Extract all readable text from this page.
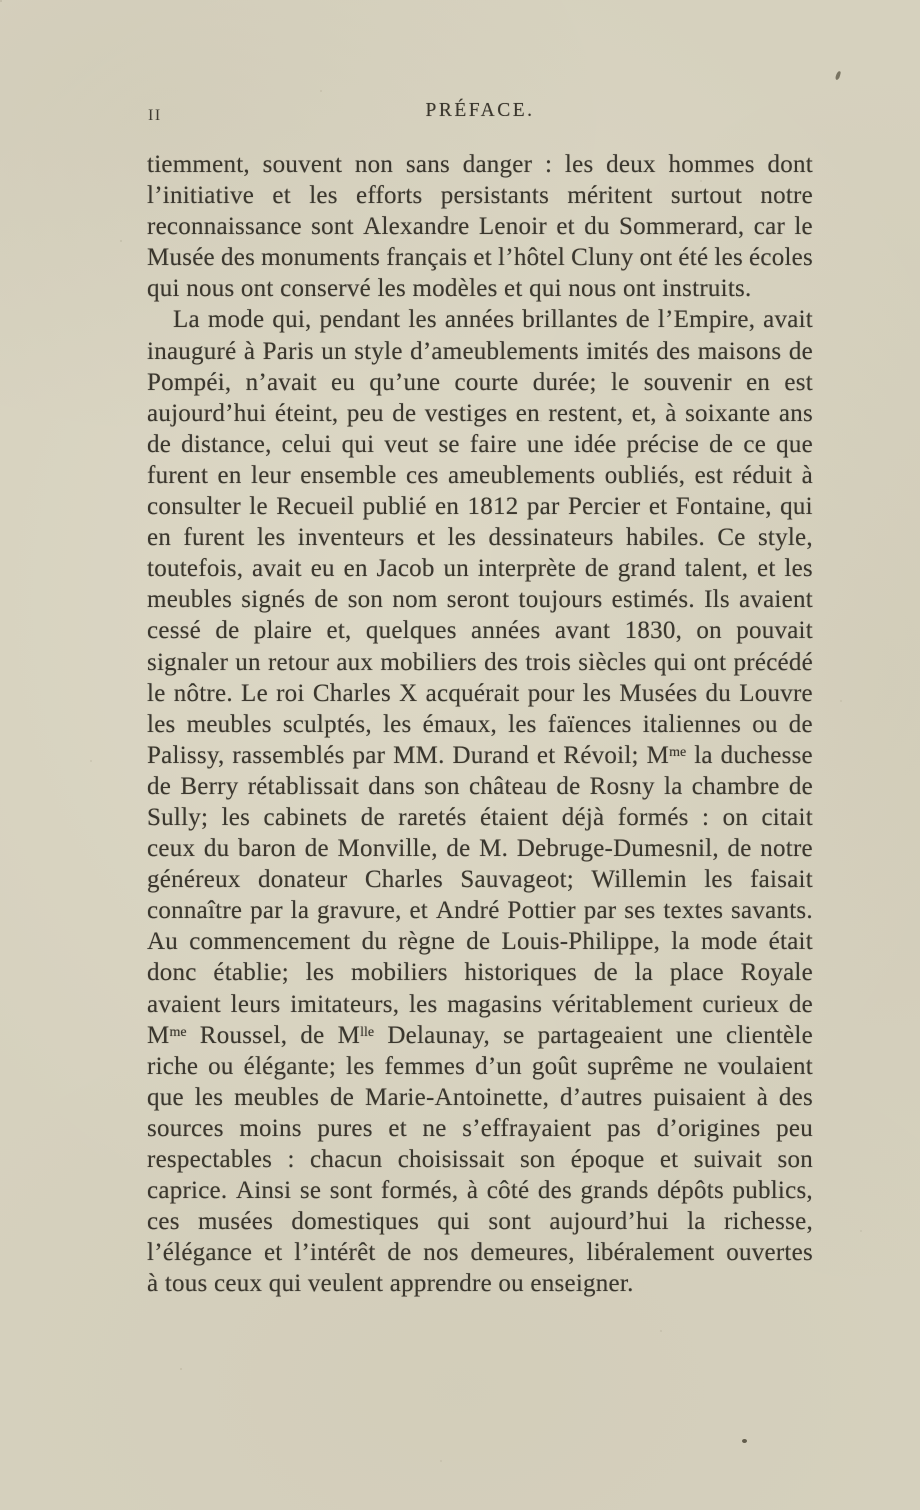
II	PRÉFACE.
tiemment, souvent non sans danger : les deux hommes dont
l’initiative et les efforts persistants méritent surtout notre
reconnaissance sont Alexandre Lenoir et du Sommerard, car le
Musée des monuments français et l’hôtel Cluny ont été les écoles
qui nous ont conservé les modèles et qui nous ont instruits.
La mode qui, pendant les années brillantes de l’Empire, avait
inauguré à Paris un style d’ameublements imités des maisons de
Pompéi, n’avait eu qu’une courte durée; le souvenir en est
aujourd’hui éteint, peu de vestiges en restent, et, à soixante ans
de distance, celui qui veut se faire une idée précise de ce que
furent en leur ensemble ces ameublements oubliés, est réduit à
consulter le Recueil publié en 1812 par Percier et Fontaine, qui
en furent les inventeurs et les dessinateurs habiles. Ce style,
toutefois, avait eu en Jacob un interprète de grand talent, et les
meubles signés de son nom seront toujours estimés. Ils avaient
cessé de plaire et, quelques années avant 1830, on pouvait
signaler un retour aux mobiliers des trois siècles qui ont précédé
le nôtre. Le roi Charles X acquérait pour les Musées du Louvre
les meubles sculptés, les émaux, les faïences italiennes ou de
Palissy, rassemblés par MM. Durand et Révoil; $M^{me}$ la duchesse
de Berry rétablissait dans son château de Rosny la chambre de
Sully; les cabinets de raretés étaient déjà formés : on citait
ceux du baron de Monville, de M. Debruge-Dumesnil, de notre
généreux donateur Charles Sauvageot; Willemin les faisait
connaître par la gravure, et André Pottier par ses textes savants.
Au commencement du règne de Louis-Philippe, la mode était
donc établie; les mobiliers historiques de la place Royale
avaient leurs imitateurs, les magasins véritablement curieux de
$M^{me}$ Roussel, de $M^{lle}$ Delaunay, se partageaient une clientèle
riche ou élégante; les femmes d’un goût suprême ne voulaient
que les meubles de Marie-Antoinette, d’autres puisaient à des
sources moins pures et ne s’effrayaient pas d’origines peu
respectables : chacun choisissait son époque et suivait son
caprice. Ainsi se sont formés, à côté des grands dépôts publics,
ces musées domestiques qui sont aujourd’hui la richesse,
l’élégance et l’intérêt de nos demeures, libéralement ouvertes
à tous ceux qui veulent apprendre ou enseigner.
